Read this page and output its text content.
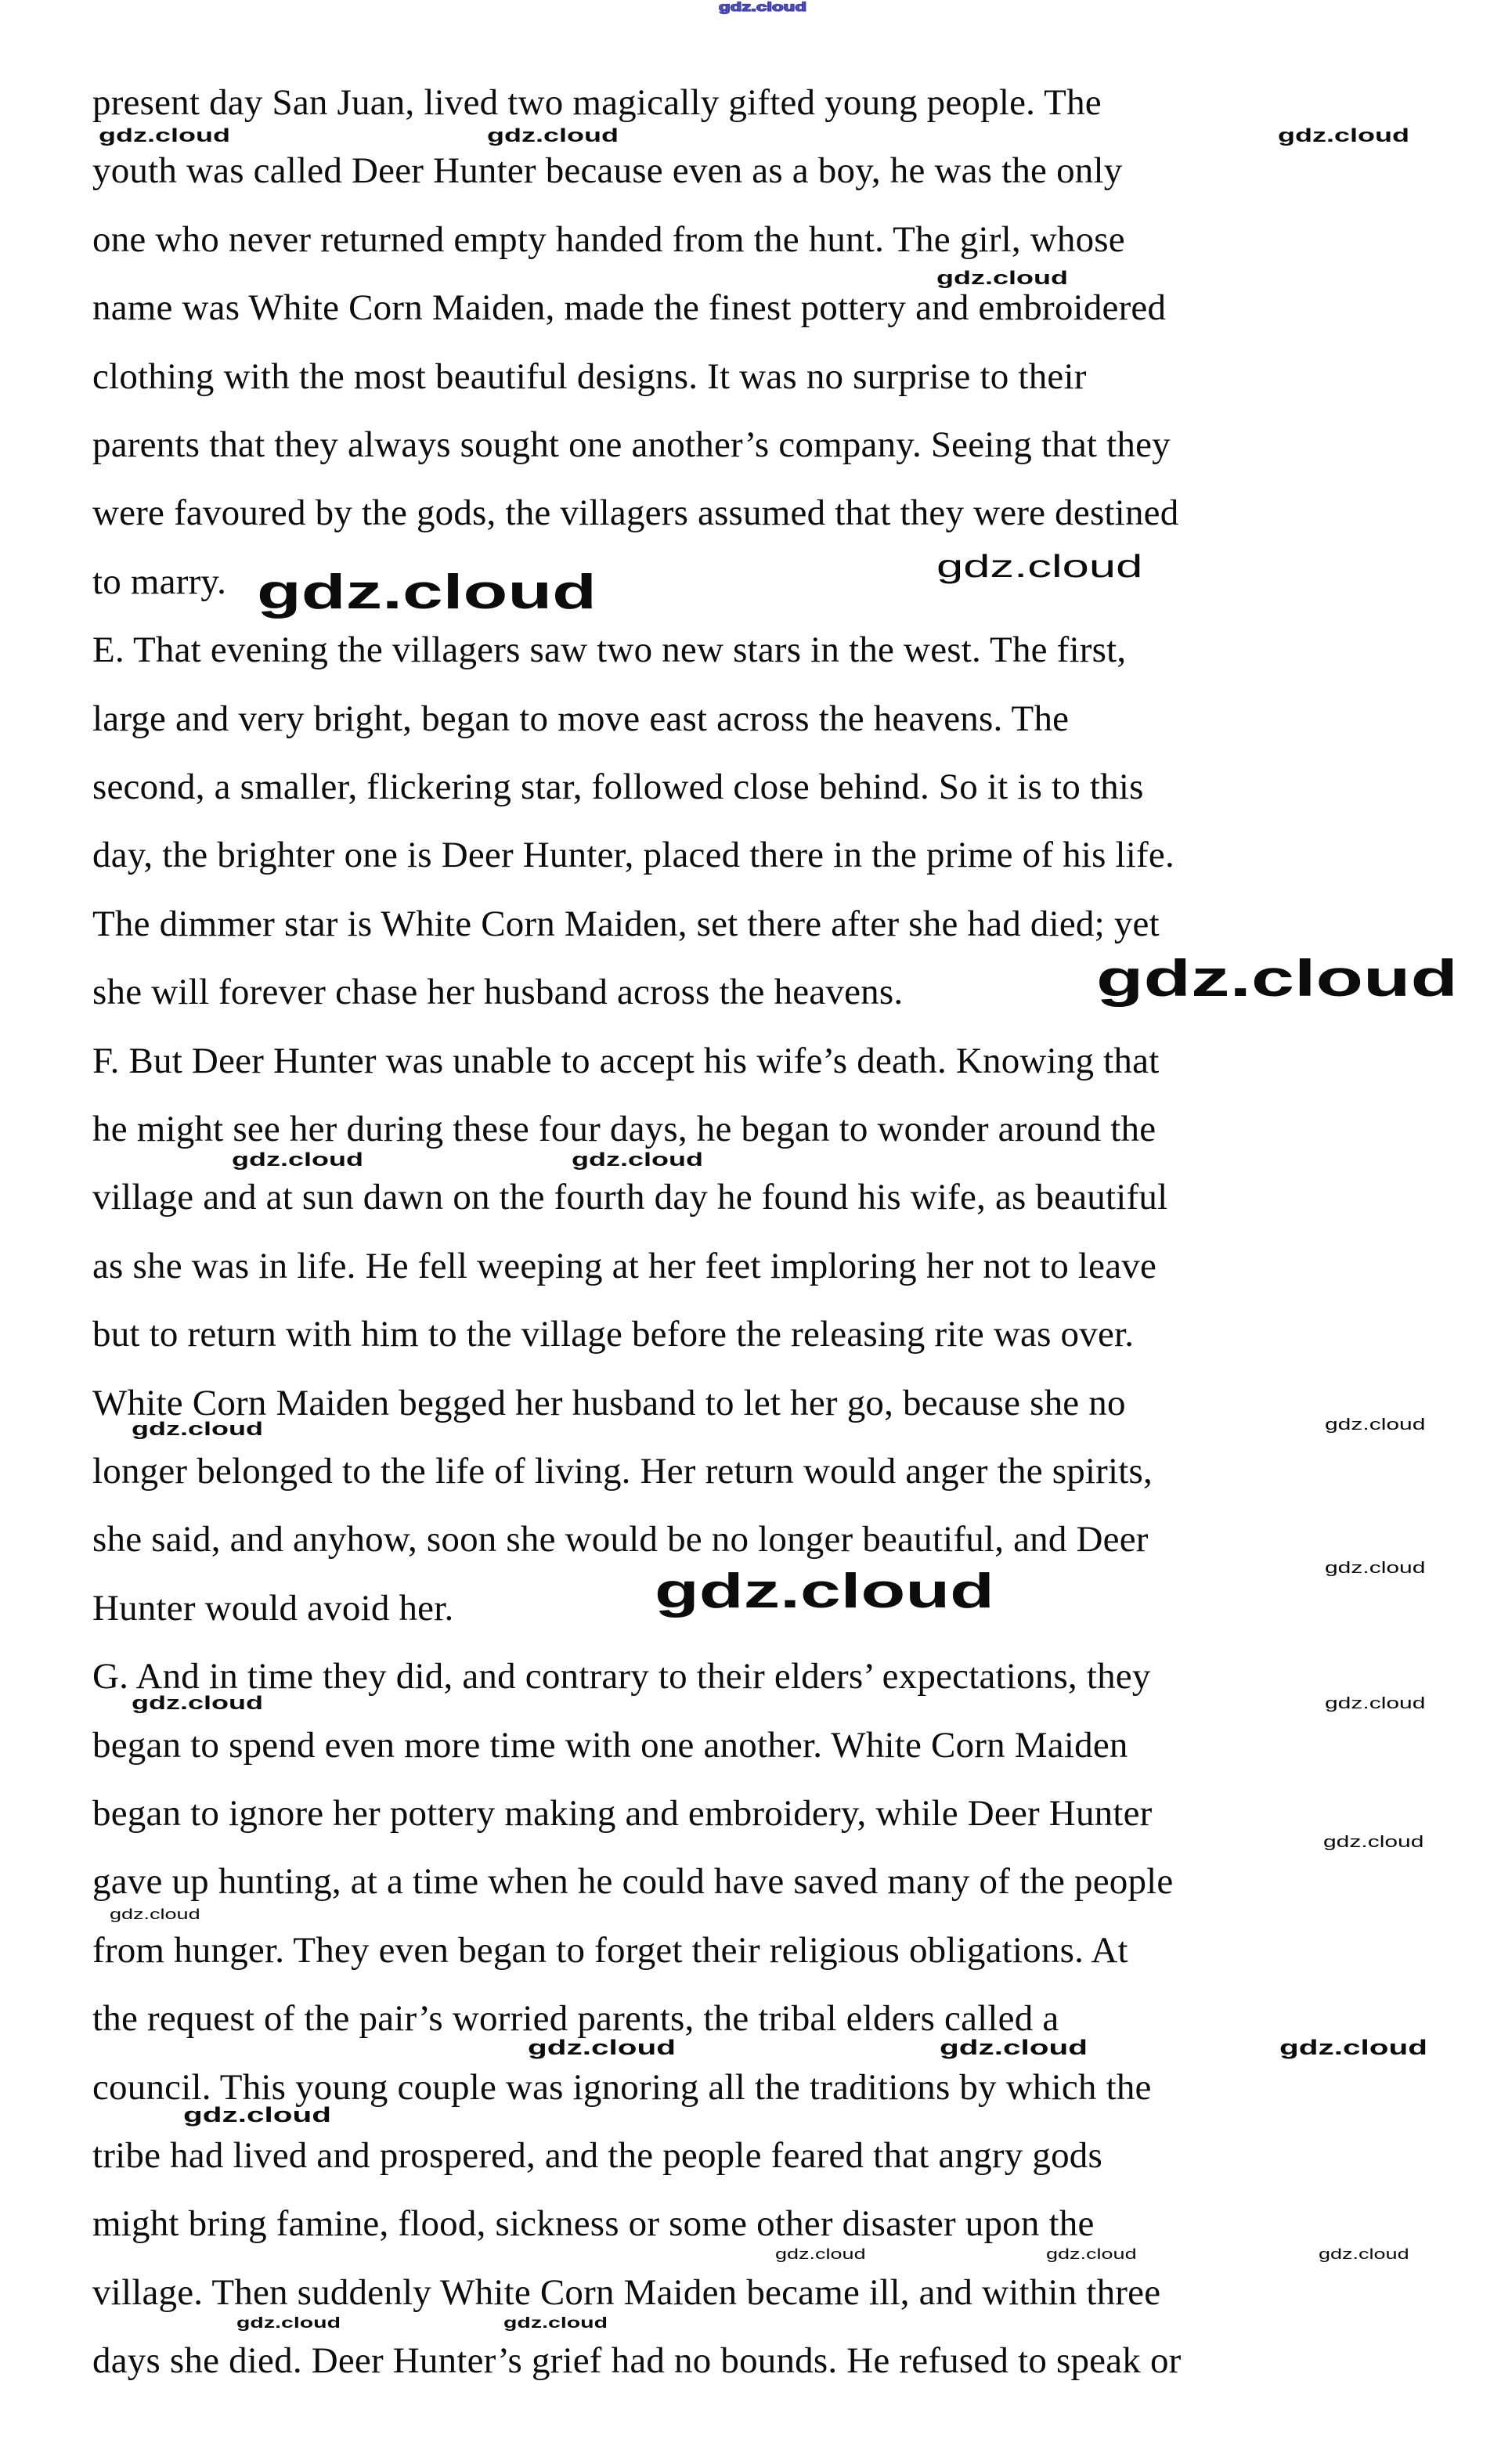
present day San Juan, lived two magically gifted young people. The
youth was called Deer Hunter because even as a boy, he was the only
one who never returned empty handed from the hunt. The girl, whose
name was White Corn Maiden, made the finest pottery and embroidered
clothing with the most beautiful designs. It was no surprise to their
parents that they always sought one another’s company. Seeing that they
were favoured by the gods, the villagers assumed that they were destined
to marry.
E. That evening the villagers saw two new stars in the west. The first,
large and very bright, began to move east across the heavens. The
second, a smaller, flickering star, followed close behind. So it is to this
day, the brighter one is Deer Hunter, placed there in the prime of his life.
The dimmer star is White Corn Maiden, set there after she had died; yet
she will forever chase her husband across the heavens.
F. But Deer Hunter was unable to accept his wife’s death. Knowing that
he might see her during these four days, he began to wonder around the
village and at sun dawn on the fourth day he found his wife, as beautiful
as she was in life. He fell weeping at her feet imploring her not to leave
but to return with him to the village before the releasing rite was over.
White Corn Maiden begged her husband to let her go, because she no
longer belonged to the life of living. Her return would anger the spirits,
she said, and anyhow, soon she would be no longer beautiful, and Deer
Hunter would avoid her.
G. And in time they did, and contrary to their elders’ expectations, they
began to spend even more time with one another. White Corn Maiden
began to ignore her pottery making and embroidery, while Deer Hunter
gave up hunting, at a time when he could have saved many of the people
from hunger. They even began to forget their religious obligations. At
the request of the pair’s worried parents, the tribal elders called a
council. This young couple was ignoring all the traditions by which the
tribe had lived and prospered, and the people feared that angry gods
might bring famine, flood, sickness or some other disaster upon the
village. Then suddenly White Corn Maiden became ill, and within three
days she died. Deer Hunter’s grief had no bounds. He refused to speak or
gdz.cloud
gdz.cloud	gdz.cloud	gdz.cloud
gdz.cloud
gdz.cloud	gdz.cloud
gdz.cloud
gdz.cloud	gdz.cloud
gdz.cloud	gdz.cloud
gdz.cloud
gdz.cloud
gdz.cloud	gdz.cloud
gdz.cloud
gdz.cloud
gdz.cloud	gdz.cloud	gdz.cloud
gdz.cloud
gdz.cloud	gdz.cloud	gdz.cloud
gdz.cloud	gdz.cloud
